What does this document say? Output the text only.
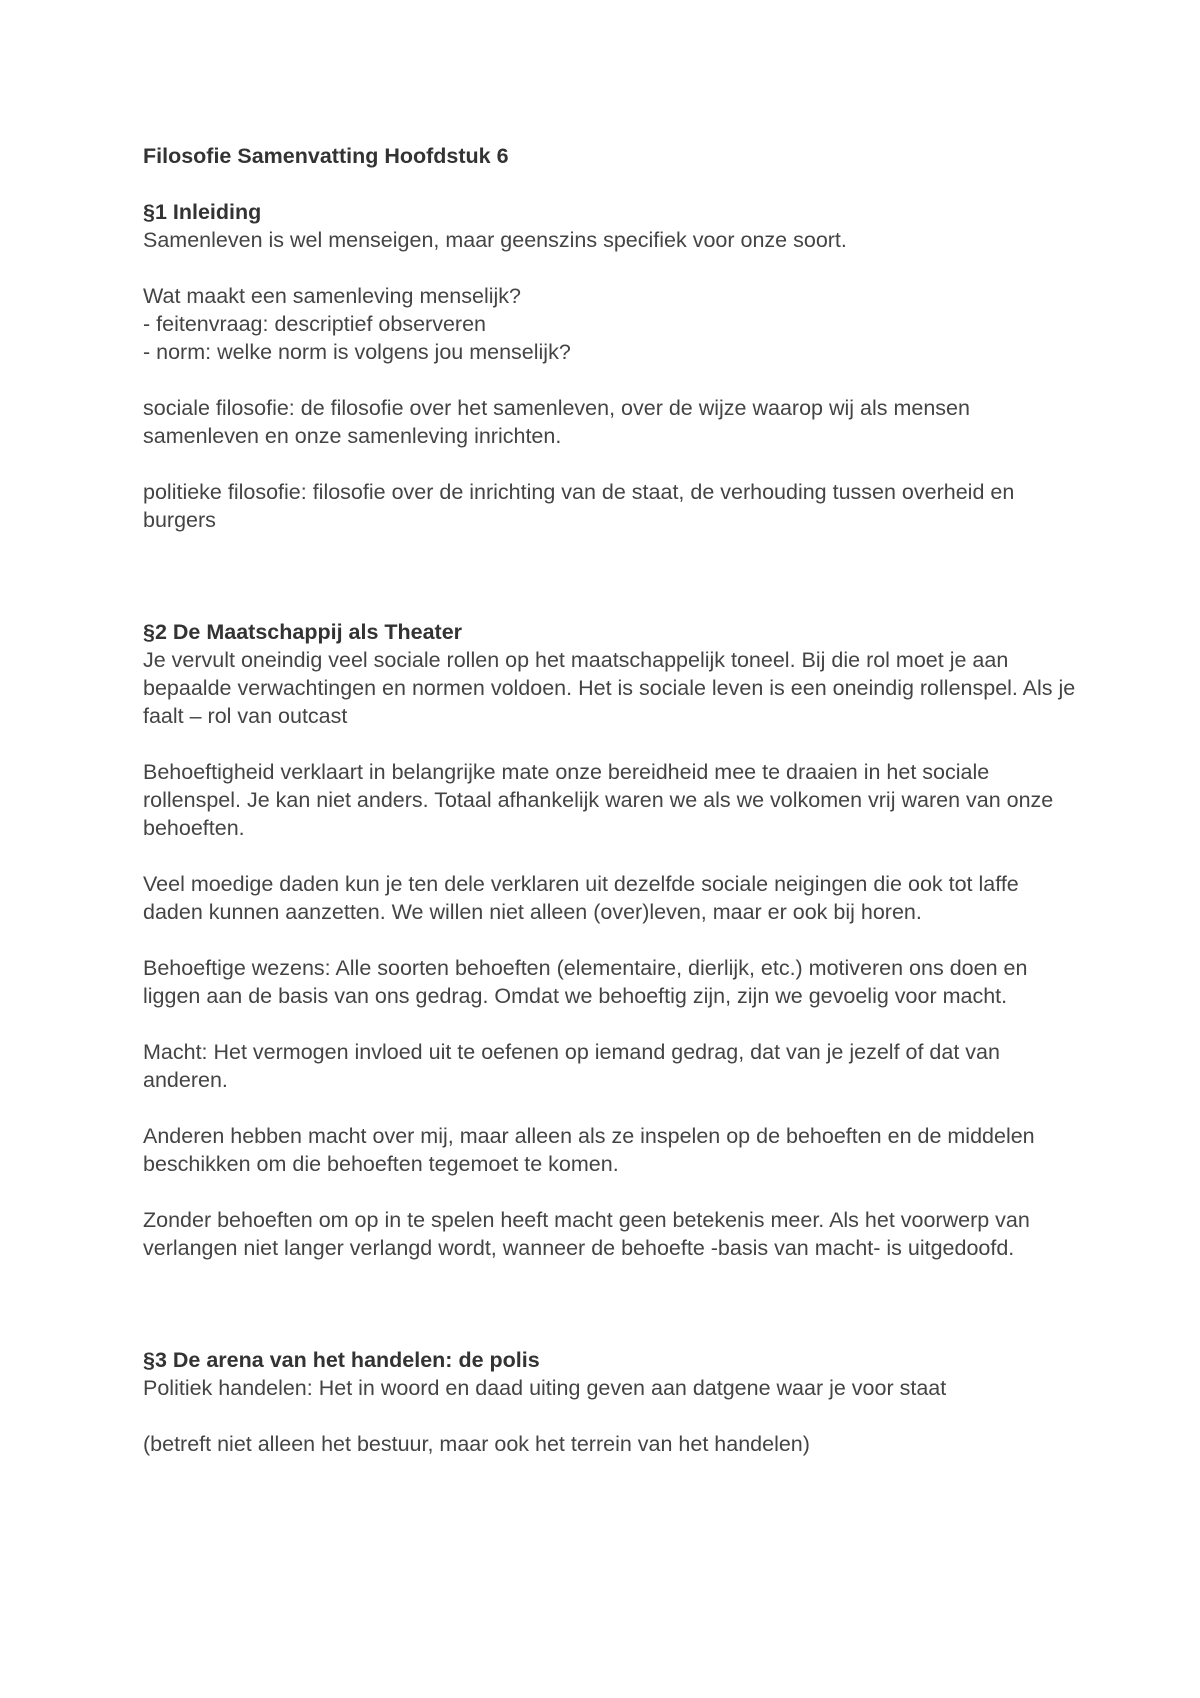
Filosofie Samenvatting Hoofdstuk 6

§1 Inleiding

Samenleven is wel menseigen, maar geenszins specifiek voor onze soort.

Wat maakt een samenleving menselijk?

- feitenvraag: descriptief observeren

- norm: welke norm is volgens jou menselijk?

sociale filosofie: de filosofie over het samenleven, over de wijze waarop wij als mensen samenleven en onze samenleving inrichten.

politieke filosofie: filosofie over de inrichting van de staat, de verhouding tussen overheid en burgers

§2 De Maatschappij als Theater

Je vervult oneindig veel sociale rollen op het maatschappelijk toneel. Bij die rol moet je aan bepaalde verwachtingen en normen voldoen. Het is sociale leven is een oneindig rollenspel. Als je faalt – rol van outcast

Behoeftigheid verklaart in belangrijke mate onze bereidheid mee te draaien in het sociale rollenspel. Je kan niet anders. Totaal afhankelijk waren we als we volkomen vrij waren van onze behoeften.

Veel moedige daden kun je ten dele verklaren uit dezelfde sociale neigingen die ook tot laffe daden kunnen aanzetten. We willen niet alleen (over)leven, maar er ook bij horen.

Behoeftige wezens: Alle soorten behoeften (elementaire, dierlijk, etc.) motiveren ons doen en liggen aan de basis van ons gedrag. Omdat we behoeftig zijn, zijn we gevoelig voor macht.

Macht: Het vermogen invloed uit te oefenen op iemand gedrag, dat van je jezelf of dat van anderen.

Anderen hebben macht over mij, maar alleen als ze inspelen op de behoeften en de middelen beschikken om die behoeften tegemoet te komen.

Zonder behoeften om op in te spelen heeft macht geen betekenis meer. Als het voorwerp van verlangen niet langer verlangd wordt, wanneer de behoefte -basis van macht- is uitgedoofd.

§3 De arena van het handelen: de polis

Politiek handelen: Het in woord en daad uiting geven aan datgene waar je voor staat

(betreft niet alleen het bestuur, maar ook het terrein van het handelen)
